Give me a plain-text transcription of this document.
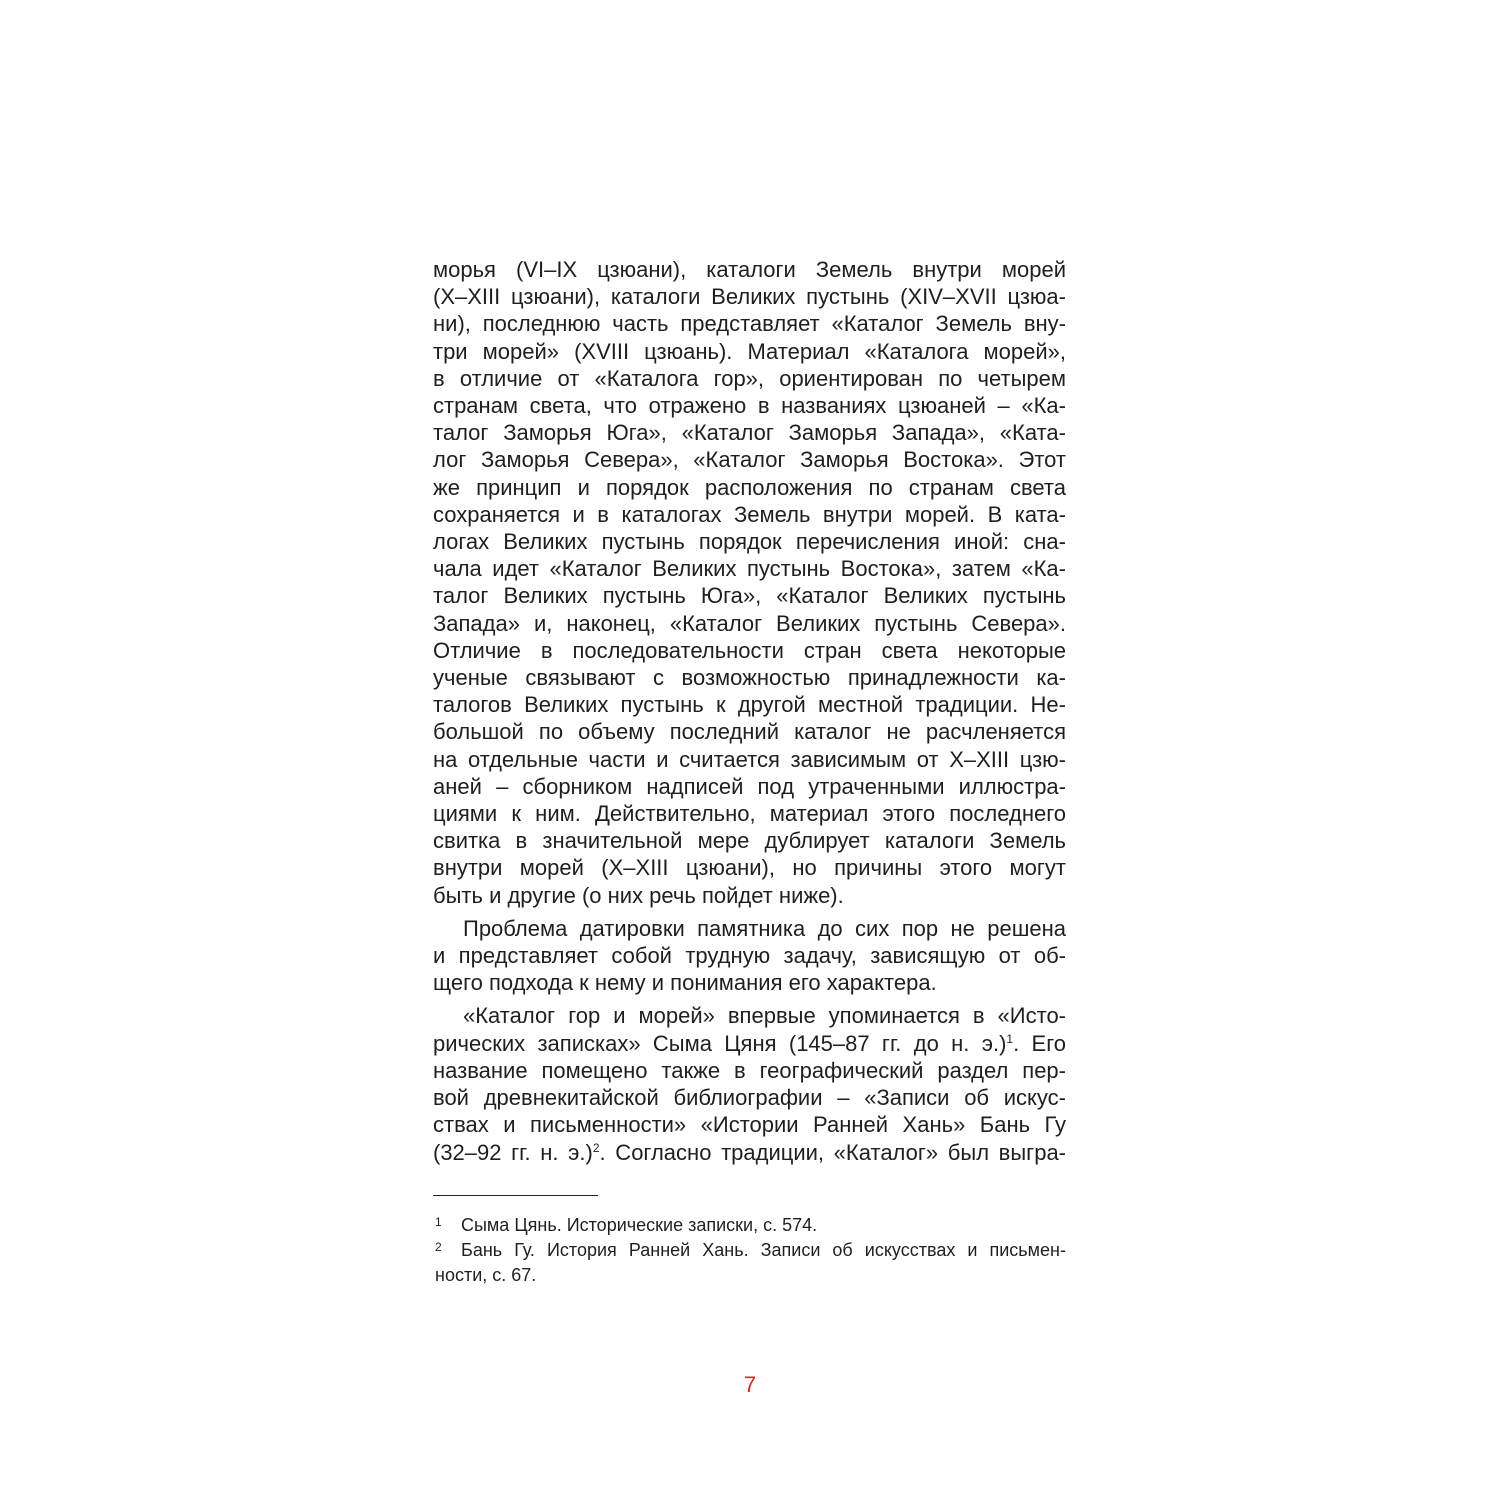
морья (VI–IX цзюани), каталоги Земель внутри морей
(X–XIII цзюани), каталоги Великих пустынь (XIV–XVII цзюа-
ни), последнюю часть представляет «Каталог Земель вну-
три морей» (XVIII цзюань). Материал «Каталога морей»,
в отличие от «Каталога гор», ориентирован по четырем
странам света, что отражено в названиях цзюаней – «Ка-
талог Заморья Юга», «Каталог Заморья Запада», «Ката-
лог Заморья Севера», «Каталог Заморья Востока». Этот
же принцип и порядок расположения по странам света
сохраняется и в каталогах Земель внутри морей. В ката-
логах Великих пустынь порядок перечисления иной: сна-
чала идет «Каталог Великих пустынь Востока», затем «Ка-
талог Великих пустынь Юга», «Каталог Великих пустынь
Запада» и, наконец, «Каталог Великих пустынь Севера».
Отличие в последовательности стран света некоторые
ученые связывают с возможностью принадлежности ка-
талогов Великих пустынь к другой местной традиции. Не-
большой по объему последний каталог не расчленяется
на отдельные части и считается зависимым от X–XIII цзю-
аней – сборником надписей под утраченными иллюстра-
циями к ним. Действительно, материал этого последнего
свитка в значительной мере дублирует каталоги Земель
внутри морей (X–XIII цзюани), но причины этого могут
быть и другие (о них речь пойдет ниже).

Проблема датировки памятника до сих пор не решена
и представляет собой трудную задачу, зависящую от об-
щего подхода к нему и понимания его характера.

«Каталог гор и морей» впервые упоминается в «Исто-
рических записках» Сыма Цяня (145–87 гг. до н. э.)$^1$. Его
название помещено также в географический раздел пер-
вой древнекитайской библиографии – «Записи об искус-
ствах и письменности» «Истории Ранней Хань» Бань Гу
(32–92 гг. н. э.)$^2$. Согласно традиции, «Каталог» был выгра-

1	Сыма Цянь. Исторические записки, с. 574.
2	Бань Гу. История Ранней Хань. Записи об искусствах и письмен-
ности, с. 67.
7
